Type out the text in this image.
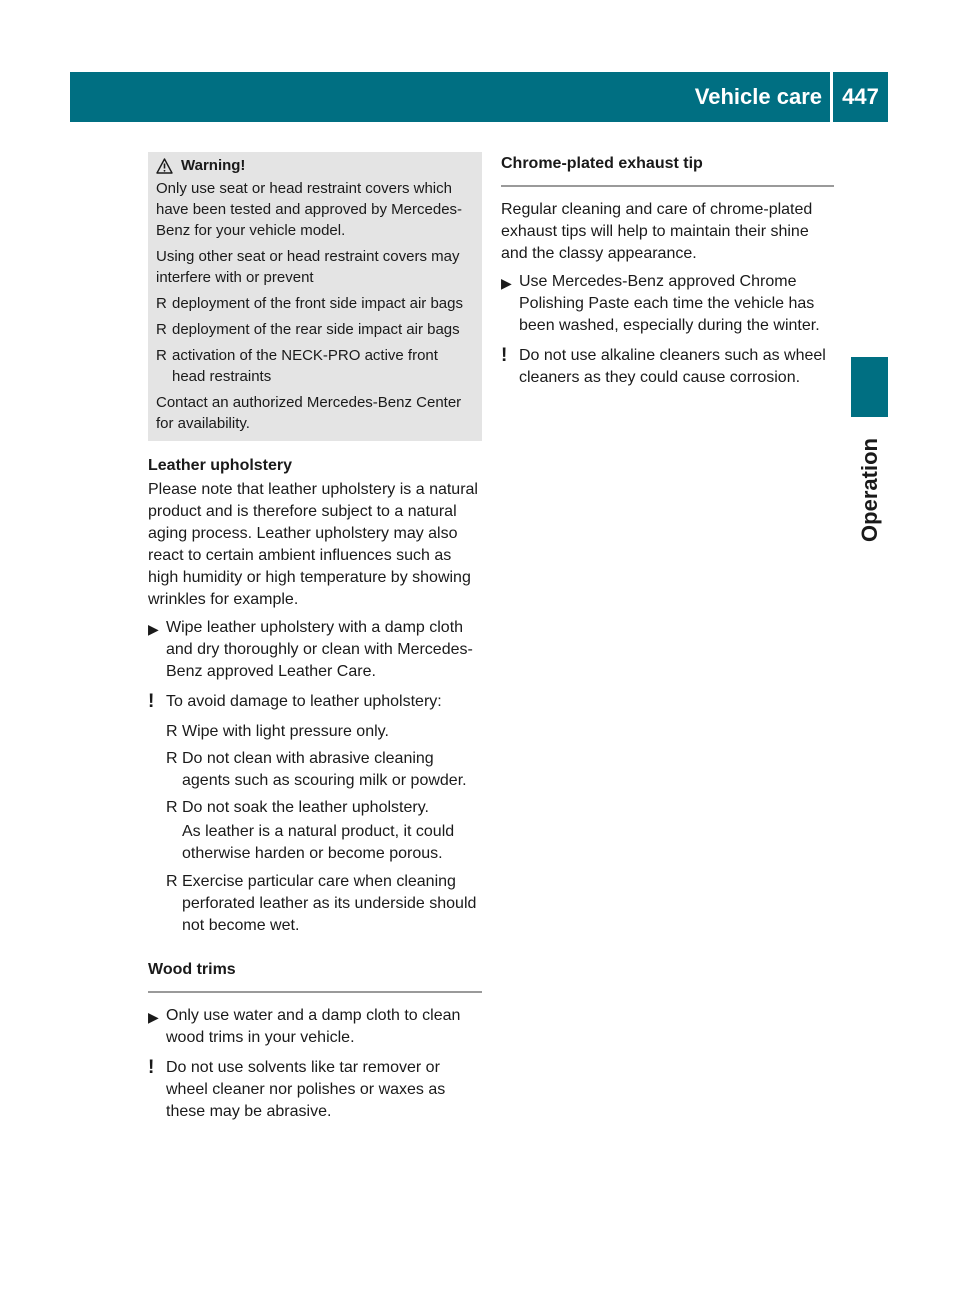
Vehicle care 447
Operation
Warning!

Only use seat or head restraint covers which have been tested and approved by Mercedes-Benz for your vehicle model.

Using other seat or head restraint covers may interfere with or prevent

R deployment of the front side impact air bags
R deployment of the rear side impact air bags
R activation of the NECK-PRO active front head restraints

Contact an authorized Mercedes-Benz Center for availability.

Leather upholstery

Please note that leather upholstery is a natural product and is therefore subject to a natural aging process. Leather upholstery may also react to certain ambient influences such as high humidity or high temperature by showing wrinkles for example.

▶ Wipe leather upholstery with a damp cloth and dry thoroughly or clean with Mercedes-Benz approved Leather Care.
! To avoid damage to leather upholstery:
R Wipe with light pressure only.
R Do not clean with abrasive cleaning agents such as scouring milk or powder.
R Do not soak the leather upholstery.

As leather is a natural product, it could otherwise harden or become porous.

R Exercise particular care when cleaning perforated leather as its underside should not become wet.
Wood trims
▶ Only use water and a damp cloth to clean wood trims in your vehicle.
! Do not use solvents like tar remover or wheel cleaner nor polishes or waxes as these may be abrasive.
Chrome-plated exhaust tip

Regular cleaning and care of chrome-plated exhaust tips will help to maintain their shine and the classy appearance.

▶ Use Mercedes-Benz approved Chrome Polishing Paste each time the vehicle has been washed, especially during the winter.
! Do not use alkaline cleaners such as wheel cleaners as they could cause corrosion.
